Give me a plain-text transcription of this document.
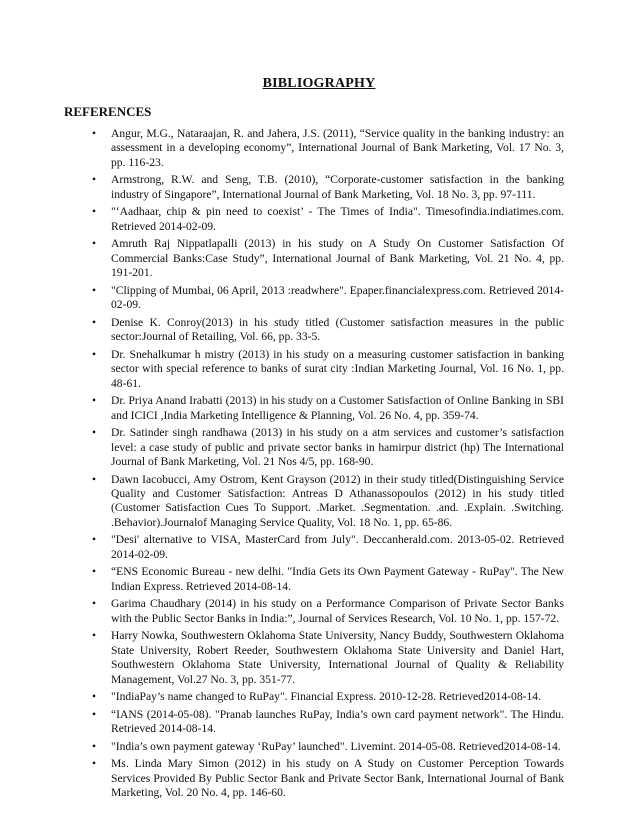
BIBLIOGRAPHY
REFERENCES
• Angur, M.G., Nataraajan, R. and Jahera, J.S. (2011), “Service quality in the banking industry: an assessment in a developing economy”, International Journal of Bank Marketing, Vol. 17 No. 3, pp. 116-23.
• Armstrong, R.W. and Seng, T.B. (2010), “Corporate-customer satisfaction in the banking industry of Singapore”, International Journal of Bank Marketing, Vol. 18 No. 3, pp. 97-111.
• "‘Aadhaar, chip & pin need to coexist’ - The Times of India". Timesofindia.indiatimes.com. Retrieved 2014-02-09.
• Amruth Raj Nippatlapalli (2013) in his study on A Study On Customer Satisfaction Of Commercial Banks:Case Study”, International Journal of Bank Marketing, Vol. 21 No. 4, pp. 191-201.
• "Clipping of Mumbai, 06 April, 2013 :readwhere". Epaper.financialexpress.com. Retrieved 2014-02-09.
• Denise K. Conroy(2013) in his study titled (Customer satisfaction measures in the public sector:Journal of Retailing, Vol. 66, pp. 33-5.
• Dr. Snehalkumar h mistry (2013) in his study on a measuring customer satisfaction in banking sector with special reference to banks of surat city :Indian Marketing Journal, Vol. 16 No. 1, pp. 48-61.
• Dr. Priya Anand Irabatti (2013) in his study on a Customer Satisfaction of Online Banking in SBI and ICICI ,India Marketing Intelligence & Planning, Vol. 26 No. 4, pp. 359-74.
• Dr. Satinder singh randhawa (2013) in his study on a atm services and customer’s satisfaction level: a case study of public and private sector banks in hamirpur district (hp) The International Journal of Bank Marketing, Vol. 21 Nos 4/5, pp. 168-90.
• Dawn Iacobucci, Amy Ostrom, Kent Grayson (2012) in their study titled(Distinguishing Service Quality and Customer Satisfaction: Antreas D Athanassopoulos (2012) in his study titled (Customer Satisfaction Cues To Support. .Market. .Segmentation. .and. .Explain. .Switching. .Behavior).Journalof Managing Service Quality, Vol. 18 No. 1, pp. 65-86.
• "Desi' alternative to VISA, MasterCard from July". Deccanherald.com. 2013-05-02. Retrieved 2014-02-09.
• “ENS Economic Bureau - new delhi. "India Gets its Own Payment Gateway - RuPay". The New Indian Express. Retrieved 2014-08-14.
• Garima Chaudhary (2014) in his study on a Performance Comparison of Private Sector Banks with the Public Sector Banks in India:”, Journal of Services Research, Vol. 10 No. 1, pp. 157-72.
• Harry Nowka, Southwestern Oklahoma State University, Nancy Buddy, Southwestern Oklahoma State University, Robert Reeder, Southwestern Oklahoma State University and Daniel Hart, Southwestern Oklahoma State University, International Journal of Quality & Reliability Management, Vol.27 No. 3, pp. 351-77.
• "IndiaPay’s name changed to RuPay". Financial Express. 2010-12-28. Retrieved2014-08-14.
• “IANS (2014-05-08). "Pranab launches RuPay, India’s own card payment network". The Hindu. Retrieved 2014-08-14.
• "India’s own payment gateway ‘RuPay’ launched". Livemint. 2014-05-08. Retrieved2014-08-14.
• Ms. Linda Mary Simon (2012) in his study on A Study on Customer Perception Towards Services Provided By Public Sector Bank and Private Sector Bank, International Journal of Bank Marketing, Vol. 20 No. 4, pp. 146-60.
